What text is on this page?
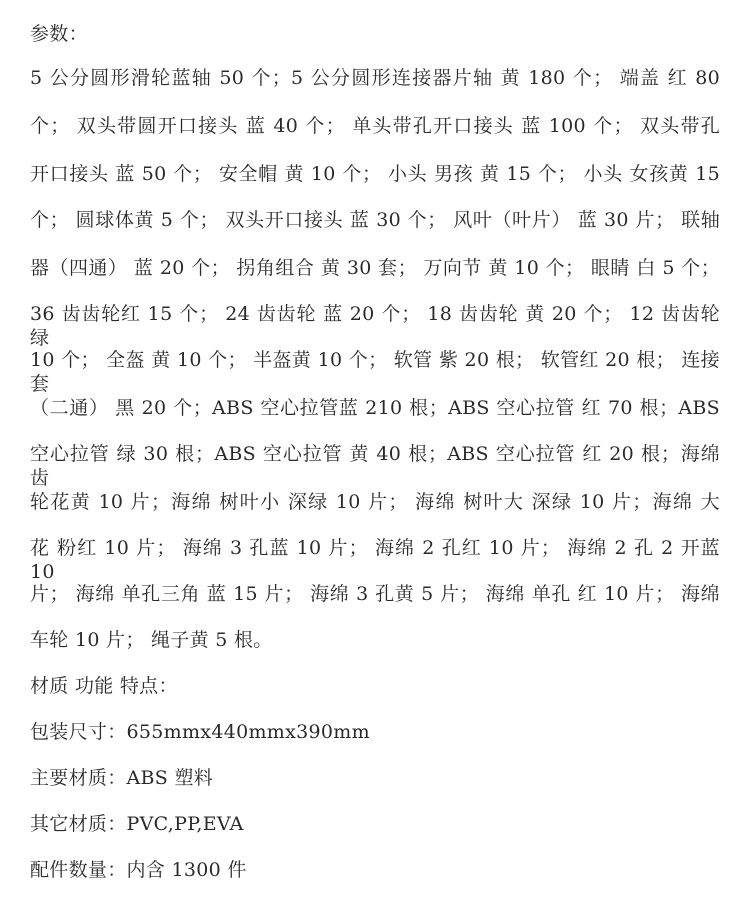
参数：
5 公分圆形滑轮蓝轴 50 个；5 公分圆形连接器片轴 黄 180 个； 端盖 红 80
个； 双头带圆开口接头 蓝 40 个； 单头带孔开口接头 蓝 100 个； 双头带孔
开口接头 蓝 50 个； 安全帽 黄 10 个； 小头 男孩 黄 15 个； 小头 女孩黄 15
个； 圆球体黄 5 个； 双头开口接头 蓝 30 个； 风叶（叶片） 蓝 30 片； 联轴
器（四通） 蓝 20 个； 拐角组合 黄 30 套； 万向节 黄 10 个； 眼睛 白 5 个；
36 齿齿轮红 15 个； 24 齿齿轮 蓝 20 个； 18 齿齿轮 黄 20 个； 12 齿齿轮 绿
10 个； 全盔 黄 10 个； 半盔黄 10 个； 软管 紫 20 根； 软管红 20 根； 连接套
（二通） 黑 20 个；ABS 空心拉管蓝 210 根；ABS 空心拉管 红 70 根；ABS
空心拉管 绿 30 根；ABS 空心拉管 黄 40 根；ABS 空心拉管 红 20 根；海绵 齿
轮花黄 10 片；海绵 树叶小 深绿 10 片； 海绵 树叶大 深绿 10 片；海绵 大
花 粉红 10 片； 海绵 3 孔蓝 10 片； 海绵 2 孔红 10 片； 海绵 2 孔 2 开蓝 10
片； 海绵 单孔三角 蓝 15 片； 海绵 3 孔黄 5 片； 海绵 单孔 红 10 片； 海绵
车轮 10 片； 绳子黄 5 根。
材质 功能 特点：
包装尺寸：655mmx440mmx390mm
主要材质：ABS 塑料
其它材质：PVC,PP,EVA
配件数量：内含 1300 件
